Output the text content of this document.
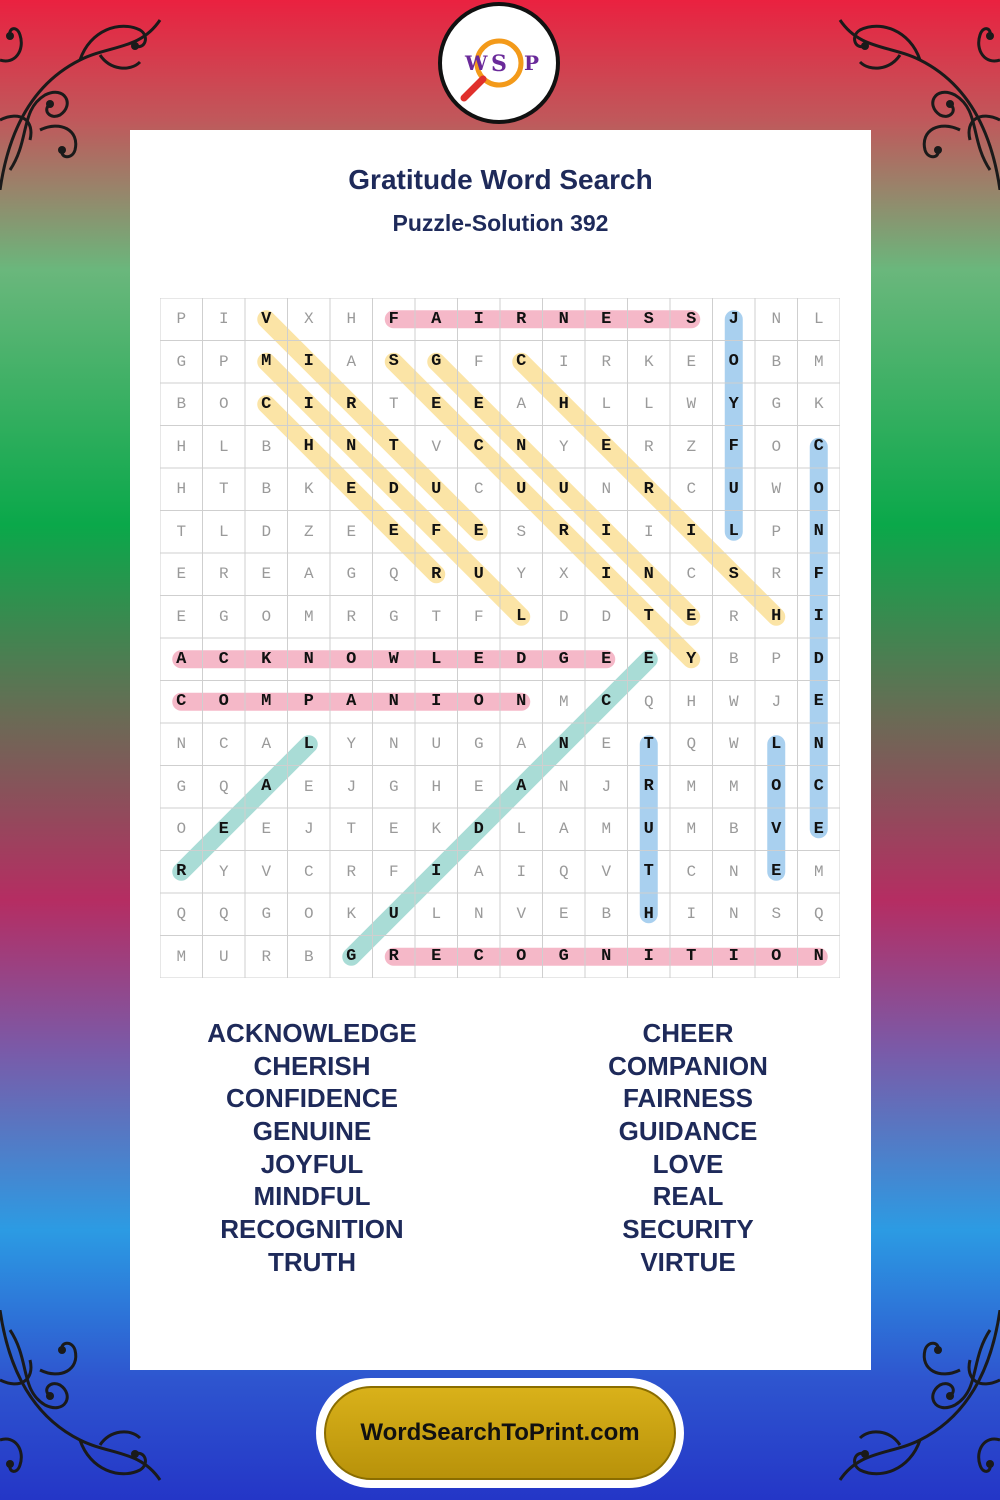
W S P
Gratitude Word Search
Puzzle-Solution 392
P	I	V	X	H	F	A	I	R	N	E	S	S	J	N	L
G	P	M	I	A	S	G	F	C	I	R	K	E	O	B	M
B	O	C	I	R	T	E	E	A	H	L	L	W	Y	G	K
H	L	B	H	N	T	V	C	N	Y	E	R	Z	F	O	C
H	T	B	K	E	D	U	C	U	U	N	R	C	U	W	O
T	L	D	Z	E	E	F	E	S	R	I	I	I	L	P	N
E	R	E	A	G	Q	R	U	Y	X	I	N	C	S	R	F
E	G	O	M	R	G	T	F	L	D	D	T	E	R	H	I
A	C	K	N	O	W	L	E	D	G	E	E	Y	B	P	D
C	O	M	P	A	N	I	O	N	M	C	Q	H	W	J	E
N	C	A	L	Y	N	U	G	A	N	E	T	Q	W	L	N
G	Q	A	E	J	G	H	E	A	N	J	R	M	M	O	C
O	E	E	J	T	E	K	D	L	A	M	U	M	B	V	E
R	Y	V	C	R	F	I	A	I	Q	V	T	C	N	E	M
Q	Q	G	O	K	U	L	N	V	E	B	H	I	N	S	Q
M	U	R	B	G	R	E	C	O	G	N	I	T	I	O	N
ACKNOWLEDGE
CHERISH
CONFIDENCE
GENUINE
JOYFUL
MINDFUL
RECOGNITION
TRUTH
CHEER
COMPANION
FAIRNESS
GUIDANCE
LOVE
REAL
SECURITY
VIRTUE
WordSearchToPrint.com
